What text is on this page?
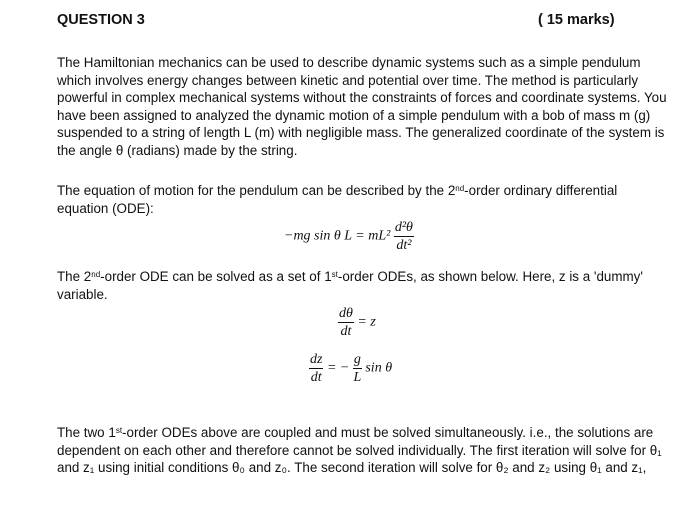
QUESTION 3	( 15 marks)

The Hamiltonian mechanics can be used to describe dynamic systems such as a simple pendulum which involves energy changes between kinetic and potential over time. The method is particularly powerful in complex mechanical systems without the constraints of forces and coordinate systems. You have been assigned to analyzed the dynamic motion of a simple pendulum with a bob of mass m (g) suspended to a string of length L (m) with negligible mass. The generalized coordinate of the system is the angle θ (radians) made by the string.

The equation of motion for the pendulum can be described by the 2nd-order ordinary differential equation (ODE):

−mg sin θ $L = mL^2 \frac{\text{d²θ}}{\text{dt²}}$

The 2nd-order ODE can be solved as a set of 1st-order ODEs, as shown below. Here, z is a 'dummy' variable.

$\frac{d\theta}{dt} = z$
$\frac{dz}{dt}$ = − $\frac{g}{L}$ sin θ

The two 1st-order ODEs above are coupled and must be solved simultaneously. i.e., the solutions are dependent on each other and therefore cannot be solved individually. The first iteration will solve for θ₁ and z₁ using initial conditions θ₀ and z₀. The second iteration will solve for θ₂ and z₂ using θ₁ and z₁,
